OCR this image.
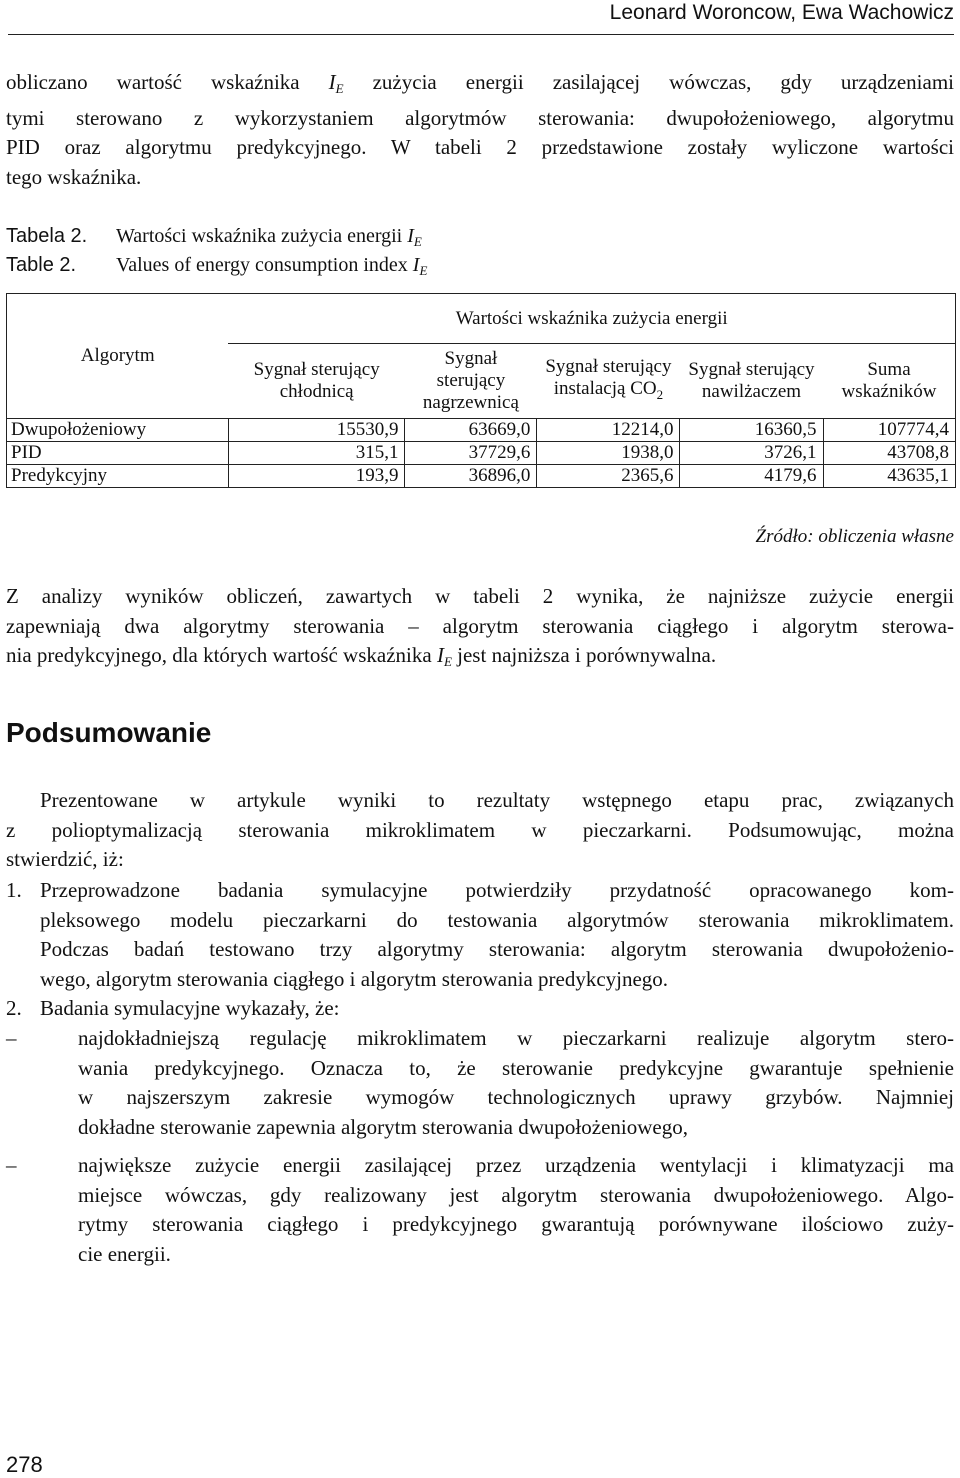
Leonard Woroncow, Ewa Wachowicz
obliczano wartość wskaźnika $I_E$ zużycia energii zasilającej wówczas, gdy urządzeniami
tymi sterowano z wykorzystaniem algorytmów sterowania: dwupołożeniowego, algorytmu
PID oraz algorytmu predykcyjnego. W tabeli 2 przedstawione zostały wyliczone wartości
tego wskaźnika.
Tabela 2. Wartości wskaźnika zużycia energii $I_E$
Table 2. Values of energy consumption index $I_E$
Algorytm	Wartości wskaźnika zużycia energii				
	Sygnał sterujący chłodnicą	Sygnał sterujący nagrzewnicą	Sygnał sterujący instalacją $CO_2$	Sygnał sterujący nawilżaczem	Suma wskaźników
Dwupołożeniowy	15530,9	63669,0	12214,0	16360,5	107774,4
PID	315,1	37729,6	1938,0	3726,1	43708,8
Predykcyjny	193,9	36896,0	2365,6	4179,6	43635,1
Źródło: obliczenia własne
Z analizy wyników obliczeń, zawartych w tabeli 2 wynika, że najniższe zużycie energii
zapewniają dwa algorytmy sterowania – algorytm sterowania ciągłego i algorytm sterowa-
nia predykcyjnego, dla których wartość wskaźnika $I_E$ jest najniższa i porównywalna.
Podsumowanie
Prezentowane w artykule wyniki to rezultaty wstępnego etapu prac, związanych
z polioptymalizacją sterowania mikroklimatem w pieczarkarni. Podsumowując, można
stwierdzić, iż:
1. Przeprowadzone badania symulacyjne potwierdziły przydatność opracowanego kom-
pleksowego modelu pieczarkarni do testowania algorytmów sterowania mikroklimatem.
Podczas badań testowano trzy algorytmy sterowania: algorytm sterowania dwupołożenio-
wego, algorytm sterowania ciągłego i algorytm sterowania predykcyjnego.
2. Badania symulacyjne wykazały, że:
–	najdokładniejszą regulację mikroklimatem w pieczarkarni realizuje algorytm stero-
wania predykcyjnego. Oznacza to, że sterowanie predykcyjne gwarantuje spełnienie
w najszerszym zakresie wymogów technologicznych uprawy grzybów. Najmniej
dokładne sterowanie zapewnia algorytm sterowania dwupołożeniowego,
–	największe zużycie energii zasilającej przez urządzenia wentylacji i klimatyzacji ma
miejsce wówczas, gdy realizowany jest algorytm sterowania dwupołożeniowego. Algo-
rytmy sterowania ciągłego i predykcyjnego gwarantują porównywane ilościowo zuży-
cie energii.
278
